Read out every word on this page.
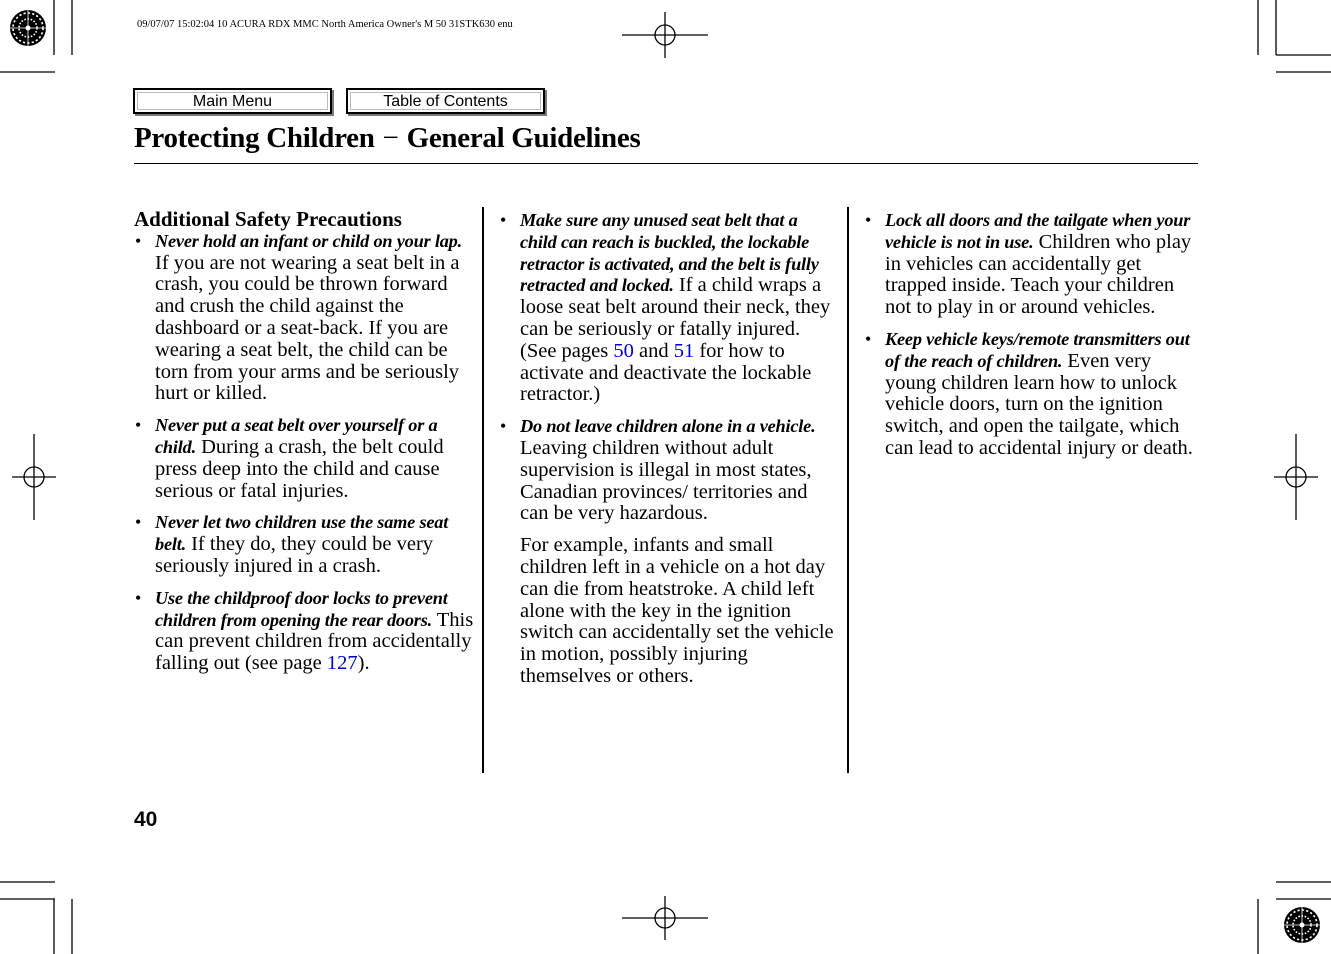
09/07/07 15:02:04 10 ACURA RDX MMC North America Owner's M 50 31STK630 enu
Main Menu	Table of Contents
Protecting Children − General Guidelines
Additional Safety Precautions
• Never hold an infant or child on your lap. If you are not wearing a seat belt in a crash, you could be thrown forward and crush the child against the dashboard or a seat-back. If you are wearing a seat belt, the child can be torn from your arms and be seriously hurt or killed.
• Never put a seat belt over yourself or a child. During a crash, the belt could press deep into the child and cause serious or fatal injuries.
• Never let two children use the same seat belt. If they do, they could be very seriously injured in a crash.
• Use the childproof door locks to prevent children from opening the rear doors. This can prevent children from accidentally falling out (see page 127).
• Make sure any unused seat belt that a child can reach is buckled, the lockable retractor is activated, and the belt is fully retracted and locked. If a child wraps a loose seat belt around their neck, they can be seriously or fatally injured. (See pages 50 and 51 for how to activate and deactivate the lockable retractor.)
• Do not leave children alone in a vehicle. Leaving children without adult supervision is illegal in most states, Canadian provinces/ territories and can be very hazardous.
For example, infants and small children left in a vehicle on a hot day can die from heatstroke. A child left alone with the key in the ignition switch can accidentally set the vehicle in motion, possibly injuring themselves or others.
• Lock all doors and the tailgate when your vehicle is not in use. Children who play in vehicles can accidentally get trapped inside. Teach your children not to play in or around vehicles.
• Keep vehicle keys/remote transmitters out of the reach of children. Even very young children learn how to unlock vehicle doors, turn on the ignition switch, and open the tailgate, which can lead to accidental injury or death.
40
